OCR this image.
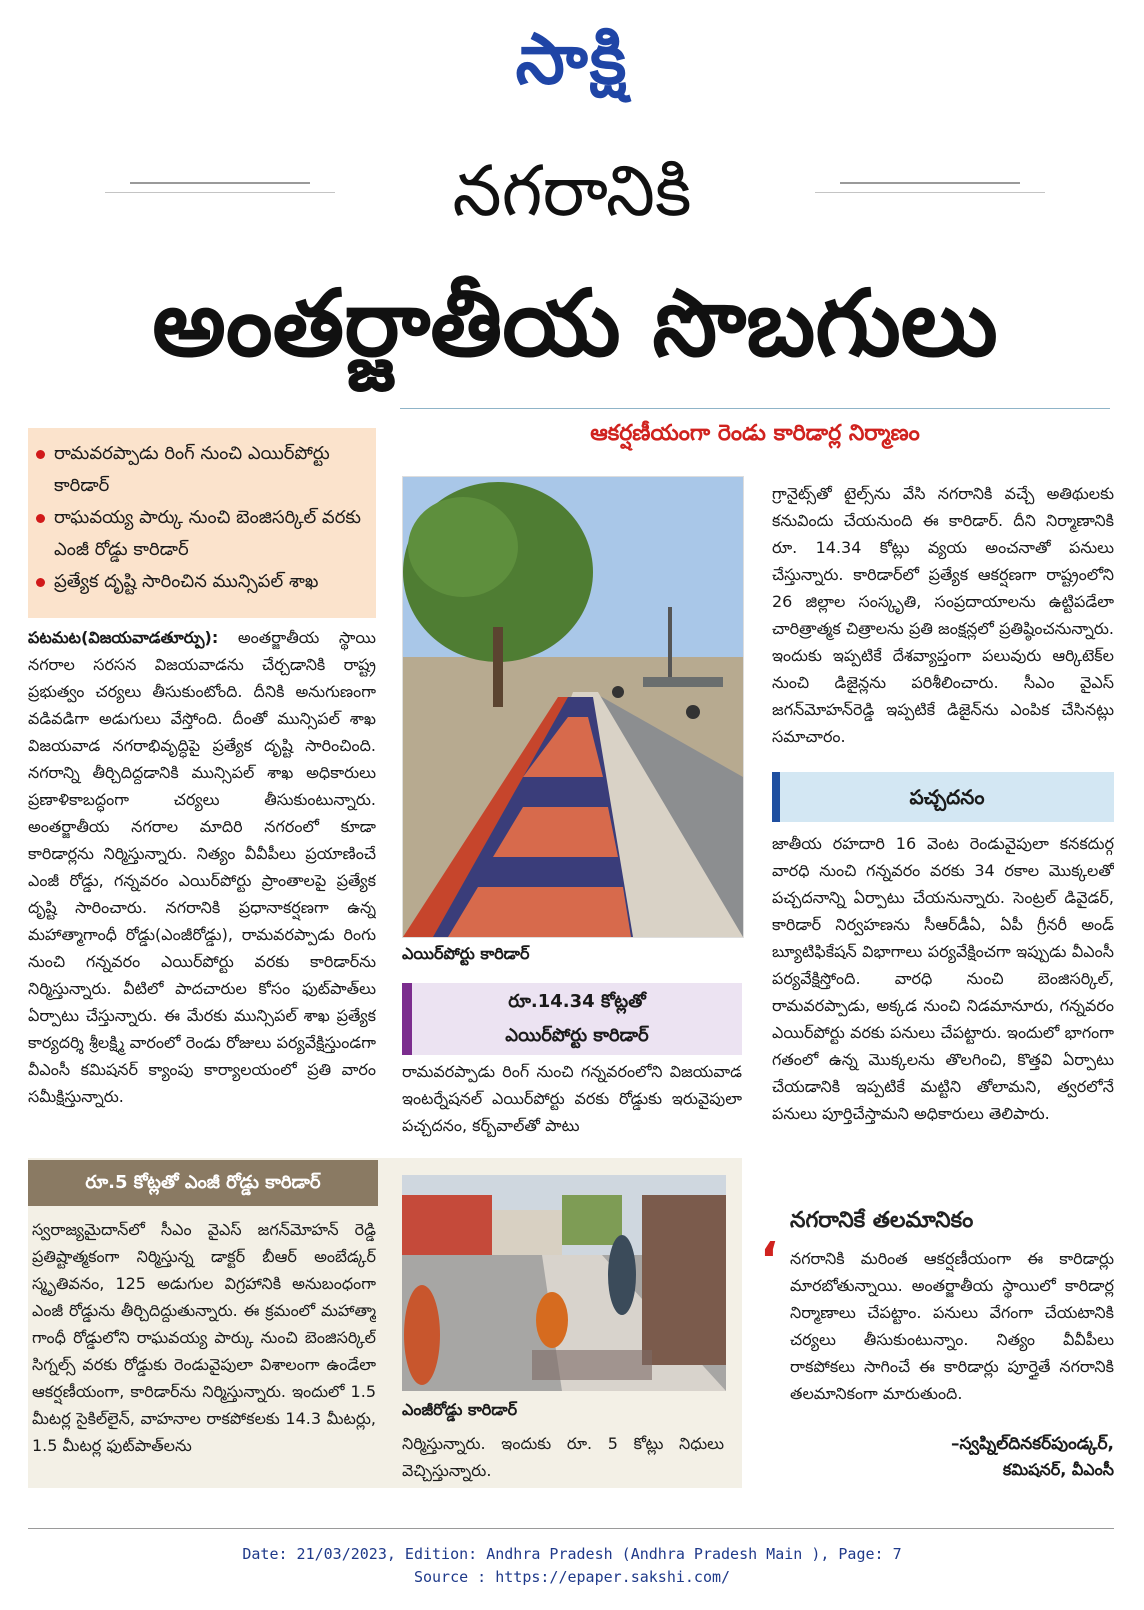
సాక్షి
నగరానికి
అంతర్జాతీయ సొబగులు
రామవరప్పాడు రింగ్ నుంచి ఎయిర్‌పోర్టు కారిడార్
రాఘవయ్య పార్కు నుంచి బెంజిసర్కిల్ వరకు ఎంజీ రోడ్డు కారిడార్
ప్రత్యేక దృష్టి సారించిన మున్సిపల్ శాఖ
ఆకర్షణీయంగా రెండు కారిడార్ల నిర్మాణం

పటమట(విజయవాడతూర్పు): అంతర్జాతీయ స్థాయి నగరాల సరసన విజయవాడను చేర్చడానికి రాష్ట్ర ప్రభుత్వం చర్యలు తీసుకుంటోంది. దీనికి అనుగుణంగా వడివడిగా అడుగులు వేస్తోంది. దీంతో మున్సిపల్ శాఖ విజయవాడ నగరాభివృద్ధిపై ప్రత్యేక దృష్టి సారించింది. నగరాన్ని తీర్చిదిద్దడానికి మున్సిపల్ శాఖ అధికారులు ప్రణాళికాబద్ధంగా చర్యలు తీసుకుంటున్నారు. అంతర్జాతీయ నగరాల మాదిరి నగరంలో కూడా కారిడార్లను నిర్మిస్తున్నారు. నిత్యం వీవీపీలు ప్రయాణించే ఎంజీ రోడ్డు, గన్నవరం ఎయిర్‌పోర్టు ప్రాంతాలపై ప్రత్యేక దృష్టి సారించారు. నగరానికి ప్రధానాకర్షణగా ఉన్న మహాత్మాగాంధీ రోడ్డు(ఎంజీరోడ్డు), రామవరప్పాడు రింగు నుంచి గన్నవరం ఎయిర్‌పోర్టు వరకు కారిడార్‌ను నిర్మిస్తున్నారు. వీటిలో పాదచారుల కోసం ఫుట్‌పాత్‌లు ఏర్పాటు చేస్తున్నారు. ఈ మేరకు మున్సిపల్ శాఖ ప్రత్యేక కార్యదర్శి శ్రీలక్ష్మి వారంలో రెండు రోజులు పర్యవేక్షిస్తుండగా వీఎంసీ కమిషనర్ క్యాంపు కార్యాలయంలో ప్రతి వారం సమీక్షిస్తున్నారు.

ఎయిర్‌పోర్టు కారిడార్
రూ.14.34 కోట్లతో
ఎయిర్‌పోర్టు కారిడార్
రామవరప్పాడు రింగ్ నుంచి గన్నవరంలోని విజయవాడ ఇంటర్నేషనల్ ఎయిర్‌పోర్టు వరకు రోడ్డుకు ఇరువైపులా పచ్చదనం, కర్బ్‌వాల్‌తో పాటు
గ్రానైట్స్‌తో టైల్స్‌ను వేసి నగరానికి వచ్చే అతిథులకు కనువిందు చేయనుంది ఈ కారిడార్. దీని నిర్మాణానికి రూ. 14.34 కోట్లు వ్యయ అంచనాతో పనులు చేస్తున్నారు. కారిడార్‌లో ప్రత్యేక ఆకర్షణగా రాష్ట్రంలోని 26 జిల్లాల సంస్కృతి, సంప్రదాయాలను ఉట్టిపడేలా చారిత్రాత్మక చిత్రాలను ప్రతి జంక్షన్లలో ప్రతిష్ఠించనున్నారు. ఇందుకు ఇప్పటికే దేశవ్యాప్తంగా పలువురు ఆర్కిటెక్‌ల నుంచి డిజైన్లను పరిశీలించారు. సీఎం వైఎస్ జగన్‌మోహన్‌రెడ్డి ఇప్పటికే డిజైన్‌ను ఎంపిక చేసినట్లు సమాచారం.
పచ్చదనం
జాతీయ రహదారి 16 వెంట రెండువైపులా కనకదుర్గ వారధి నుంచి గన్నవరం వరకు 34 రకాల మొక్కలతో పచ్చదనాన్ని ఏర్పాటు చేయనున్నారు. సెంట్రల్ డివైడర్, కారిడార్ నిర్వహణను సీఆర్‌డీఏ, ఏపీ గ్రీనరీ అండ్ బ్యూటిఫికేషన్ విభాగాలు పర్యవేక్షించగా ఇప్పుడు వీఎంసీ పర్యవేక్షిస్తోంది. వారధి నుంచి బెంజిసర్కిల్, రామవరప్పాడు, అక్కడ నుంచి నిడమానూరు, గన్నవరం ఎయిర్‌పోర్టు వరకు పనులు చేపట్టారు. ఇందులో భాగంగా గతంలో ఉన్న మొక్కలను తొలగించి, కొత్తవి ఏర్పాటు చేయడానికి ఇప్పటికే మట్టిని తోలామని, త్వరలోనే పనులు పూర్తిచేస్తామని అధికారులు తెలిపారు.
రూ.5 కోట్లతో ఎంజీ రోడ్డు కారిడార్
స్వరాజ్యమైదాన్‌లో సీఎం వైఎస్ జగన్‌మోహన్ రెడ్డి ప్రతిష్టాత్మకంగా నిర్మిస్తున్న డాక్టర్ బీఆర్ అంబేడ్కర్ స్మృతివనం, 125 అడుగుల విగ్రహానికి అనుబంధంగా ఎంజీ రోడ్డును తీర్చిదిద్దుతున్నారు. ఈ క్రమంలో మహాత్మా గాంధీ రోడ్డులోని రాఘవయ్య పార్కు నుంచి బెంజిసర్కిల్ సిగ్నల్స్ వరకు రోడ్డుకు రెండువైపులా విశాలంగా ఉండేలా ఆకర్షణీయంగా, కారిడార్‌ను నిర్మిస్తున్నారు. ఇందులో 1.5 మీటర్ల సైకిల్‌లైన్, వాహనాల రాకపోకలకు 14.3 మీటర్లు, 1.5 మీటర్ల ఫుట్‌పాత్‌లను
ఎంజీరోడ్డు కారిడార్
నిర్మిస్తున్నారు. ఇందుకు రూ. 5 కోట్లు నిధులు వెచ్చిస్తున్నారు.
నగరానికే తలమానికం
‘ నగరానికి మరింత ఆకర్షణీయంగా ఈ కారిడార్లు మారబోతున్నాయి. అంతర్జాతీయ స్థాయిలో కారిడార్ల నిర్మాణాలు చేపట్టాం. పనులు వేగంగా చేయటానికి చర్యలు తీసుకుంటున్నాం. నిత్యం వీవీపీలు రాకపోకలు సాగించే ఈ కారిడార్లు పూర్తైతే నగరానికి తలమానికంగా మారుతుంది.
–స్వప్నిల్‌దినకర్‌పుండ్కర్,
కమిషనర్, వీఎంసీ
Date: 21/03/2023, Edition: Andhra Pradesh (Andhra Pradesh Main ), Page: 7
Source : https://epaper.sakshi.com/
